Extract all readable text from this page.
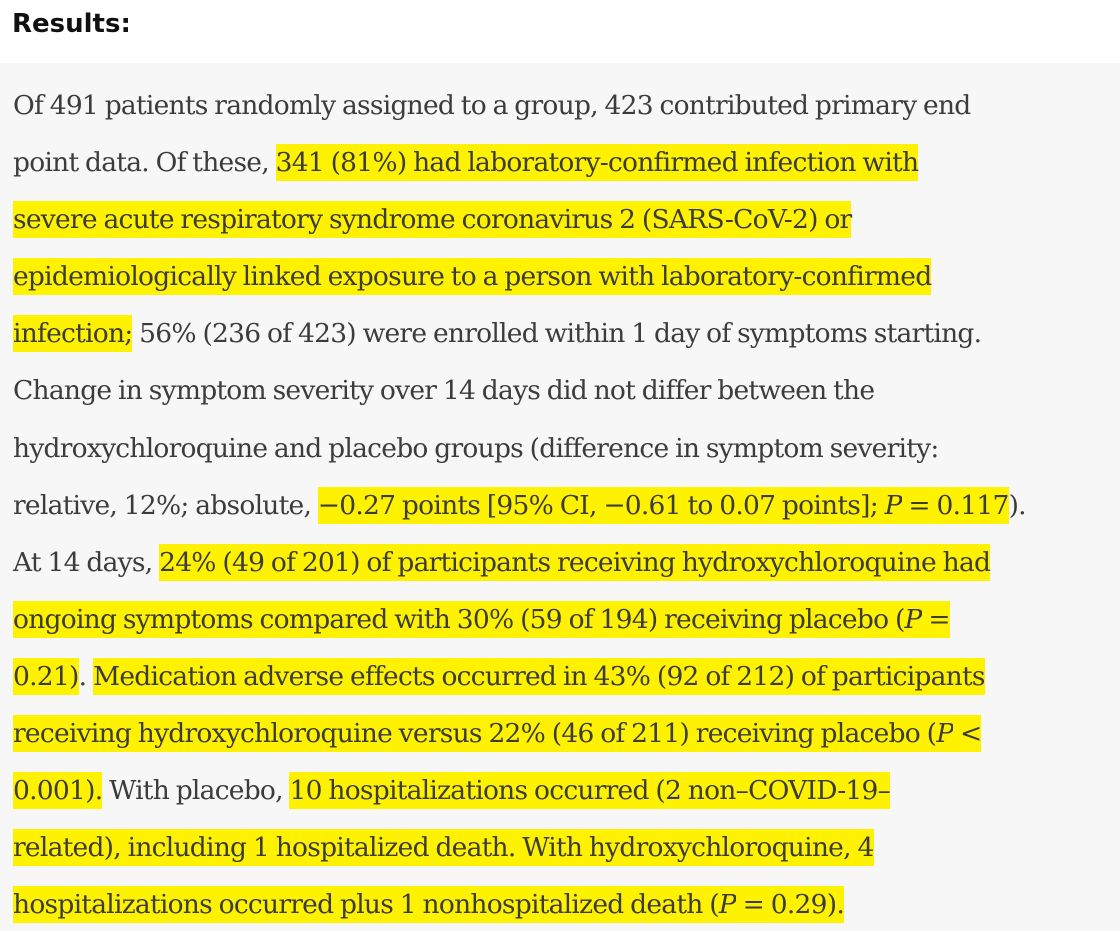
Results:

Of 491 patients randomly assigned to a group, 423 contributed primary end
point data. Of these, 341 (81%) had laboratory-confirmed infection with
severe acute respiratory syndrome coronavirus 2 (SARS-CoV-2) or
epidemiologically linked exposure to a person with laboratory-confirmed
infection; 56% (236 of 423) were enrolled within 1 day of symptoms starting.
Change in symptom severity over 14 days did not differ between the
hydroxychloroquine and placebo groups (difference in symptom severity:
relative, 12%; absolute, −0.27 points [95% CI, −0.61 to 0.07 points]; P = 0.117).
At 14 days, 24% (49 of 201) of participants receiving hydroxychloroquine had
ongoing symptoms compared with 30% (59 of 194) receiving placebo (P =
0.21). Medication adverse effects occurred in 43% (92 of 212) of participants
receiving hydroxychloroquine versus 22% (46 of 211) receiving placebo (P <
0.001). With placebo, 10 hospitalizations occurred (2 non–COVID-19–
related), including 1 hospitalized death. With hydroxychloroquine, 4
hospitalizations occurred plus 1 nonhospitalized death (P = 0.29).
